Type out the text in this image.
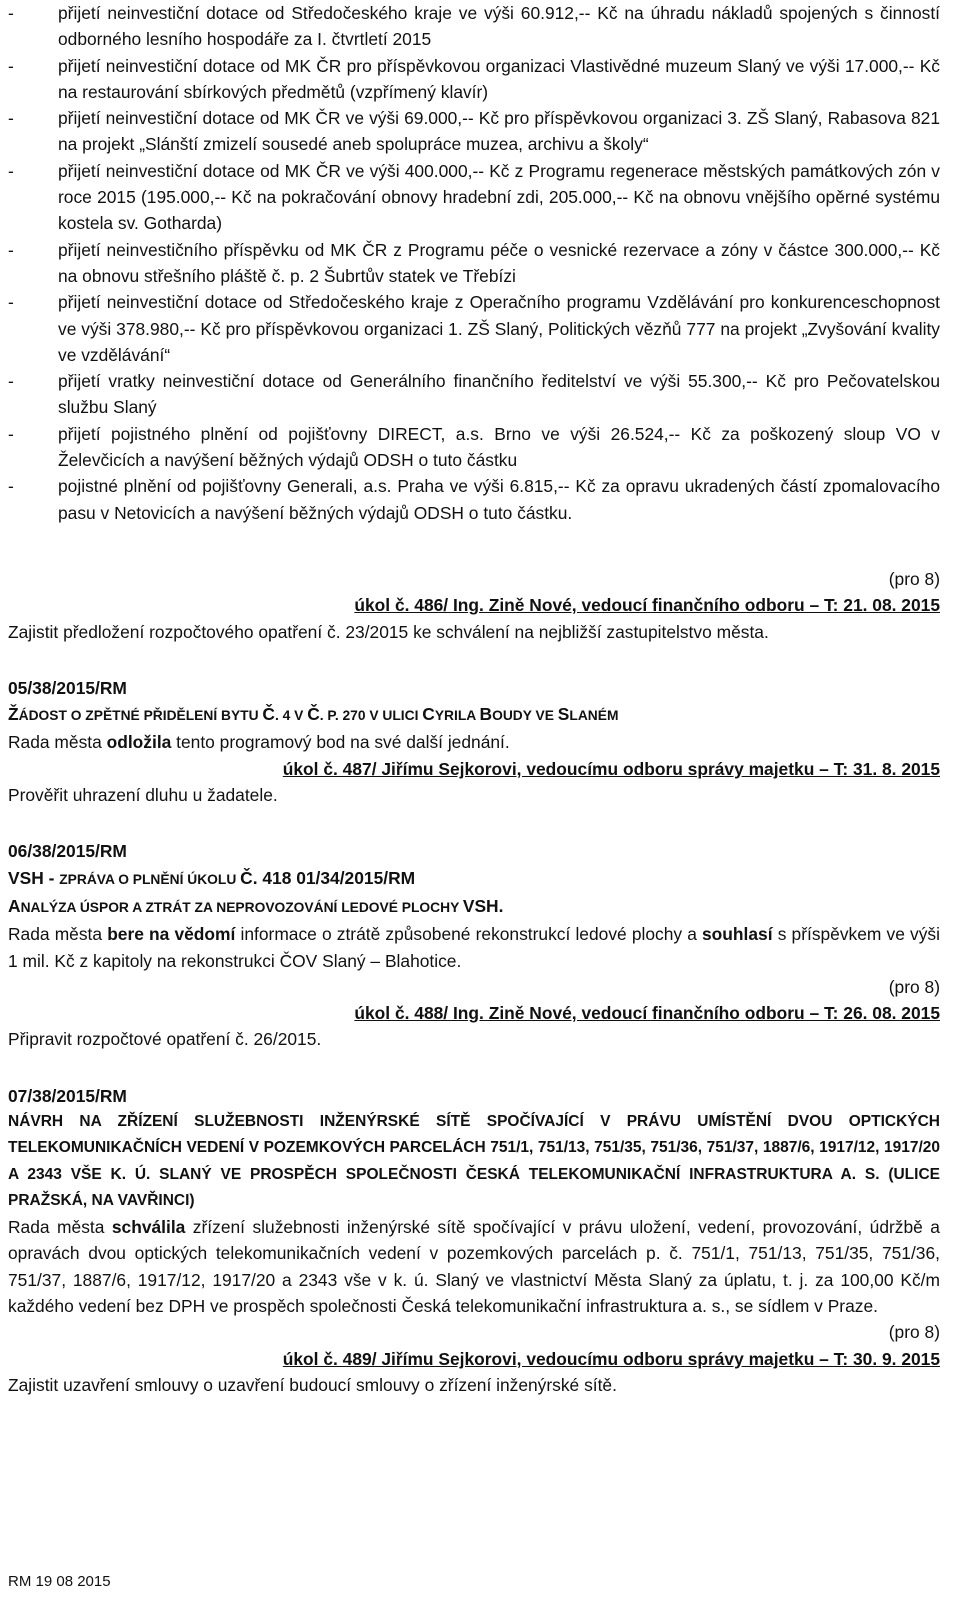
-	přijetí neinvestiční dotace od Středočeského kraje ve výši 60.912,-- Kč na úhradu nákladů spojených s činností odborného lesního hospodáře za I. čtvrtletí 2015
-	přijetí neinvestiční dotace od MK ČR pro příspěvkovou organizaci Vlastivědné muzeum Slaný ve výši 17.000,-- Kč na restaurování sbírkových předmětů (vzpřímený klavír)
-	přijetí neinvestiční dotace od MK ČR ve výši 69.000,-- Kč pro příspěvkovou organizaci 3. ZŠ Slaný, Rabasova 821 na projekt „Slánští zmizelí sousedé aneb spolupráce muzea, archivu a školy“
-	přijetí neinvestiční dotace od MK ČR ve výši 400.000,-- Kč z Programu regenerace městských památkových zón v roce 2015 (195.000,-- Kč na pokračování obnovy hradební zdi, 205.000,-- Kč na obnovu vnějšího opěrné systému kostela sv. Gotharda)
-	přijetí neinvestičního příspěvku od MK ČR z Programu péče o vesnické rezervace a zóny v částce 300.000,-- Kč na obnovu střešního pláště č. p. 2 Šubrtův statek ve Třebízi
-	přijetí neinvestiční dotace od Středočeského kraje z Operačního programu Vzdělávání pro konkurenceschopnost ve výši 378.980,-- Kč pro příspěvkovou organizaci 1. ZŠ Slaný, Politických vězňů 777 na projekt „Zvyšování kvality ve vzdělávání“
-	přijetí vratky neinvestiční dotace od Generálního finančního ředitelství ve výši 55.300,-- Kč pro Pečovatelskou službu Slaný
-	přijetí pojistného plnění od pojišťovny DIRECT, a.s. Brno ve výši 26.524,-- Kč za poškozený sloup VO v Želevčicích a navýšení běžných výdajů ODSH o tuto částku
-	pojistné plnění od pojišťovny Generali, a.s. Praha ve výši 6.815,-- Kč za opravu ukradených částí zpomalovacího pasu v Netovicích a navýšení běžných výdajů ODSH o tuto částku.

(pro 8)

úkol č. 486/ Ing. Zině Nové, vedoucí finančního odboru – T: 21. 08. 2015

Zajistit předložení rozpočtového opatření č. 23/2015 ke schválení na nejbližší zastupitelstvo města.

05/38/2015/RM

ŽÁDOST O ZPĚTNÉ PŘIDĚLENÍ BYTU Č. 4 V Č. P. 270 V ULICI CYRILA BOUDY VE SLANÉM

Rada města odložila tento programový bod na své další jednání.

úkol č. 487/ Jiřímu Sejkorovi, vedoucímu odboru správy majetku – T: 31. 8. 2015

Prověřit uhrazení dluhu u žadatele.

06/38/2015/RM

VSH - ZPRÁVA O PLNĚNÍ ÚKOLU Č. 418 01/34/2015/RM

ANALÝZA ÚSPOR A ZTRÁT ZA NEPROVOZOVÁNÍ LEDOVÉ PLOCHY VSH.

Rada města bere na vědomí informace o ztrátě způsobené rekonstrukcí ledové plochy a souhlasí s příspěvkem ve výši 1 mil. Kč z kapitoly na rekonstrukci ČOV Slaný – Blahotice.

(pro 8)

úkol č. 488/ Ing. Zině Nové, vedoucí finančního odboru – T: 26. 08. 2015

Připravit rozpočtové opatření č. 26/2015.

07/38/2015/RM

NÁVRH NA ZŘÍZENÍ SLUŽEBNOSTI INŽENÝRSKÉ SÍTĚ SPOČÍVAJÍCÍ V PRÁVU UMÍSTĚNÍ DVOU OPTICKÝCH TELEKOMUNIKAČNÍCH VEDENÍ V POZEMKOVÝCH PARCELÁCH 751/1, 751/13, 751/35, 751/36, 751/37, 1887/6, 1917/12, 1917/20 A 2343 VŠE K. Ú. SLANÝ VE PROSPĚCH SPOLEČNOSTI ČESKÁ TELEKOMUNIKAČNÍ INFRASTRUKTURA A. S. (ULICE PRAŽSKÁ, NA VAVŘINCI)

Rada města schválila zřízení služebnosti inženýrské sítě spočívající v právu uložení, vedení, provozování, údržbě a opravách dvou optických telekomunikačních vedení v pozemkových parcelách p. č. 751/1, 751/13, 751/35, 751/36, 751/37, 1887/6, 1917/12, 1917/20 a 2343 vše v k. ú. Slaný ve vlastnictví Města Slaný za úplatu, t. j. za 100,00 Kč/m každého vedení bez DPH ve prospěch společnosti Česká telekomunikační infrastruktura a. s., se sídlem v Praze.

(pro 8)

úkol č. 489/ Jiřímu Sejkorovi, vedoucímu odboru správy majetku – T: 30. 9. 2015

Zajistit uzavření smlouvy o uzavření budoucí smlouvy o zřízení inženýrské sítě.

RM 19 08 2015
